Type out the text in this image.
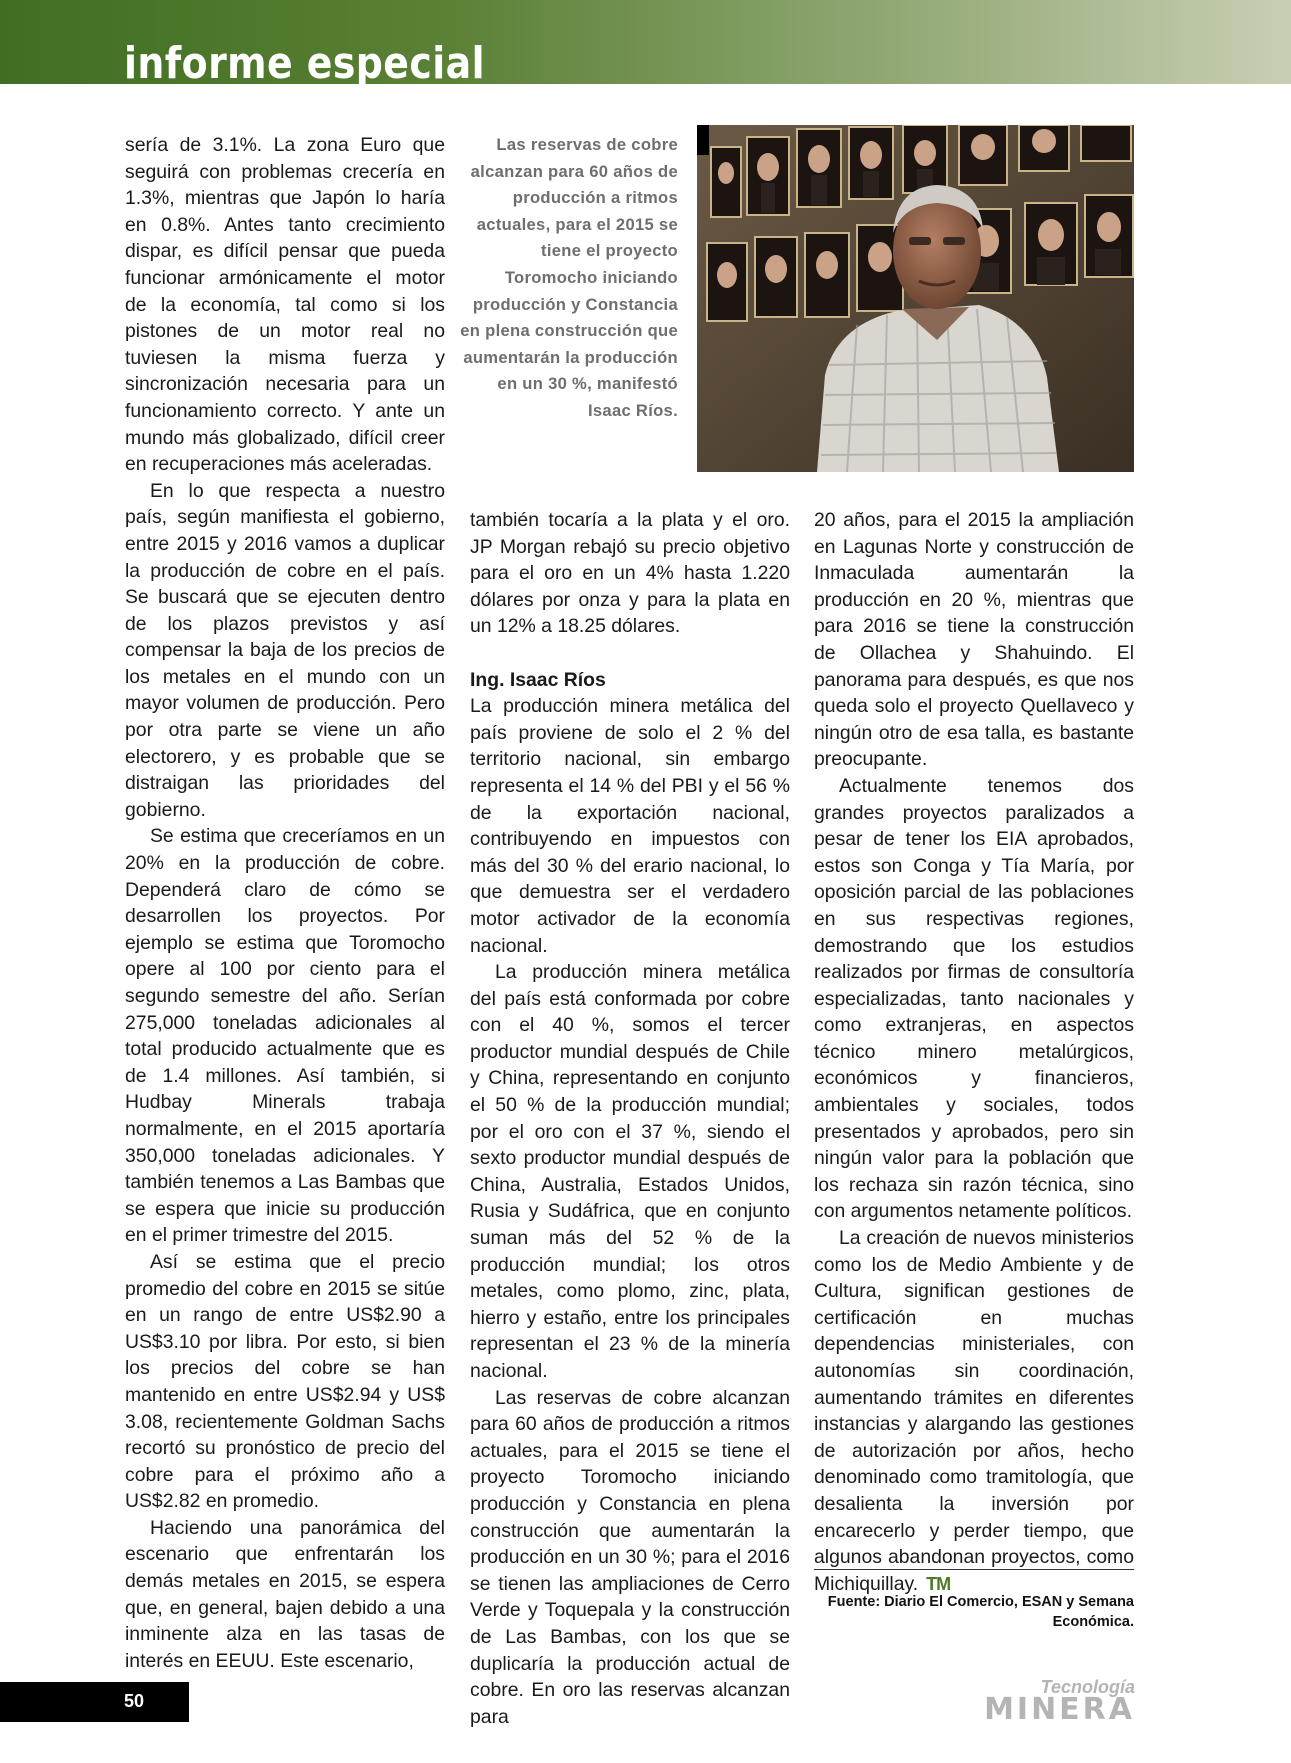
informe especial

sería de 3.1%. La zona Euro que seguirá con problemas crecería en 1.3%, mientras que Japón lo haría en 0.8%. Antes tanto crecimiento dispar, es difícil pensar que pueda funcionar armónicamente el motor de la economía, tal como si los pistones de un motor real no tuviesen la misma fuerza y sincronización necesaria para un funcionamiento correcto. Y ante un mundo más globalizado, difícil creer en recuperaciones más aceleradas.

En lo que respecta a nuestro país, según manifiesta el gobierno, entre 2015 y 2016 vamos a duplicar la producción de cobre en el país. Se buscará que se ejecuten dentro de los plazos previstos y así compensar la baja de los precios de los metales en el mundo con un mayor volumen de producción. Pero por otra parte se viene un año electorero, y es probable que se distraigan las prioridades del gobierno.

Se estima que creceríamos en un 20% en la producción de cobre. Dependerá claro de cómo se desarrollen los proyectos. Por ejemplo se estima que Toromocho opere al 100 por ciento para el segundo semestre del año. Serían 275,000 toneladas adicionales al total producido actualmente que es de 1.4 millones. Así también, si Hudbay Minerals trabaja normalmente, en el 2015 aportaría 350,000 toneladas adicionales. Y también tenemos a Las Bambas que se espera que inicie su producción en el primer trimestre del 2015.

Así se estima que el precio promedio del cobre en 2015 se sitúe en un rango de entre US$2.90 a US$3.10 por libra. Por esto, si bien los precios del cobre se han mantenido en entre US$2.94 y US$ 3.08, recientemente Goldman Sachs recortó su pronóstico de precio del cobre para el próximo año a US$2.82 en promedio.

Haciendo una panorámica del escenario que enfrentarán los demás metales en 2015, se espera que, en general, bajen debido a una inminente alza en las tasas de interés en EEUU. Este escenario,

Las reservas de cobre alcanzan para 60 años de producción a ritmos actuales, para el 2015 se tiene el proyecto Toromocho iniciando producción y Constancia en plena construcción que aumentarán la producción en un 30 %, manifestó Isaac Ríos.

también tocaría a la plata y el oro. JP Morgan rebajó su precio objetivo para el oro en un 4% hasta 1.220 dólares por onza y para la plata en un 12% a 18.25 dólares.

Ing. Isaac Ríos

La producción minera metálica del país proviene de solo el 2 % del territorio nacional, sin embargo representa el 14 % del PBI y el 56 % de la exportación nacional, contribuyendo en impuestos con más del 30 % del erario nacional, lo que demuestra ser el verdadero motor activador de la economía nacional.

La producción minera metálica del país está conformada por cobre con el 40 %, somos el tercer productor mundial después de Chile y China, representando en conjunto el 50 % de la producción mundial; por el oro con el 37 %, siendo el sexto productor mundial después de China, Australia, Estados Unidos, Rusia y Sudáfrica, que en conjunto suman más del 52 % de la producción mundial; los otros metales, como plomo, zinc, plata, hierro y estaño, entre los principales representan el 23 % de la minería nacional.

Las reservas de cobre alcanzan para 60 años de producción a ritmos actuales, para el 2015 se tiene el proyecto Toromocho iniciando producción y Constancia en plena construcción que aumentarán la producción en un 30 %; para el 2016 se tienen las ampliaciones de Cerro Verde y Toquepala y la construcción de Las Bambas, con los que se duplicaría la producción actual de cobre. En oro las reservas alcanzan para

20 años, para el 2015 la ampliación en Lagunas Norte y construcción de Inmaculada aumentarán la producción en 20 %, mientras que para 2016 se tiene la construcción de Ollachea y Shahuindo. El panorama para después, es que nos queda solo el proyecto Quellaveco y ningún otro de esa talla, es bastante preocupante.

Actualmente tenemos dos grandes proyectos paralizados a pesar de tener los EIA aprobados, estos son Conga y Tía María, por oposición parcial de las poblaciones en sus respectivas regiones, demostrando que los estudios realizados por firmas de consultoría especializadas, tanto nacionales y como extranjeras, en aspectos técnico minero metalúrgicos, económicos y financieros, ambientales y sociales, todos presentados y aprobados, pero sin ningún valor para la población que los rechaza sin razón técnica, sino con argumentos netamente políticos.

La creación de nuevos ministerios como los de Medio Ambiente y de Cultura, significan gestiones de certificación en muchas dependencias ministeriales, con autonomías sin coordinación, aumentando trámites en diferentes instancias y alargando las gestiones de autorización por años, hecho denominado como tramitología, que desalienta la inversión por encarecerlo y perder tiempo, que algunos abandonan proyectos, como Michiquillay. TM

Fuente: Diario El Comercio, ESAN y Semana Económica.
50
Tecnología
MINERA
